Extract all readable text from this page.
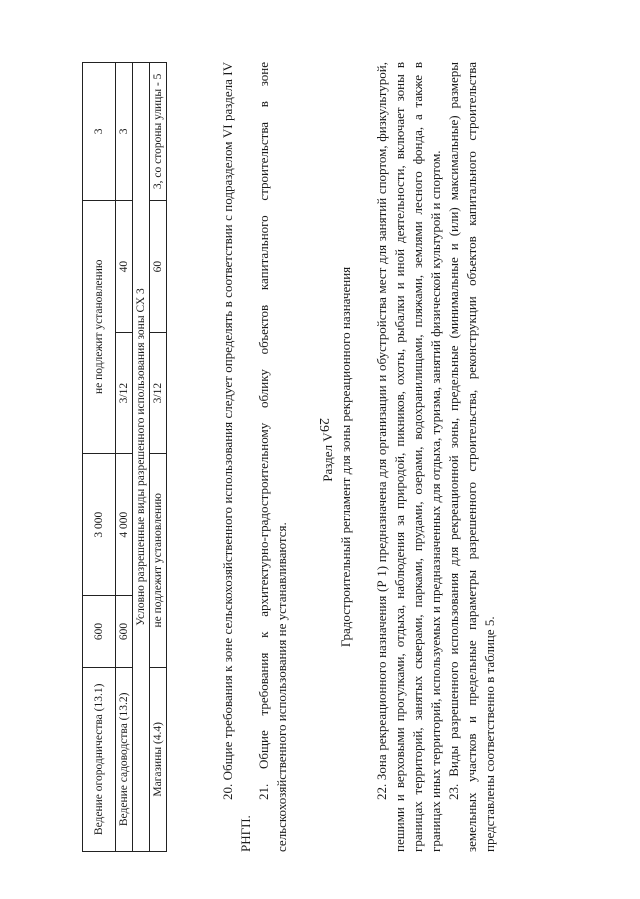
29
Ведение огородничества (13.1)	600	3 000	не подлежит установлению		3
Ведение садоводства (13.2)	600	4 000	3/12	40	3
Условно разрешенные виды разрешенного использования зоны СХ 3					
Магазины (4.4)	не подлежит установлению		3/12	60	3, со стороны улицы - 5	20. Общие требования к зоне сельскохозяйственного использования следует определять в соответствии с подразделом VI раздела IV РНГП.

21. Общие требования к архитектурно-градостроительному облику объектов капитального строительства в зоне сельскохозяйственного использования не устанавливаются.

Раздел V Градостроительный регламент для зоны рекреационного назначения 22. Зона рекреационного назначения (Р 1) предназначена для организации и обустройства мест для занятий спортом, физкультурой, пешими и верховыми прогулками, отдыха, наблюдения за природой, пикников, охоты, рыбалки и иной деятельности, включает зоны в границах территорий, занятых скверами, парками, прудами, озерами, водохранилищами, пляжами, землями лесного фонда, а также в границах иных территорий, используемых и предназначенных для отдыха, туризма, занятий физической культурой и спортом. 23. Виды разрешенного использования для рекреационной зоны, предельные (минимальные и (или) максимальные) размеры земельных участков и предельные параметры разрешенного строительства, реконструкции объектов капитального строительства представлены соответственно в таблице 5.
